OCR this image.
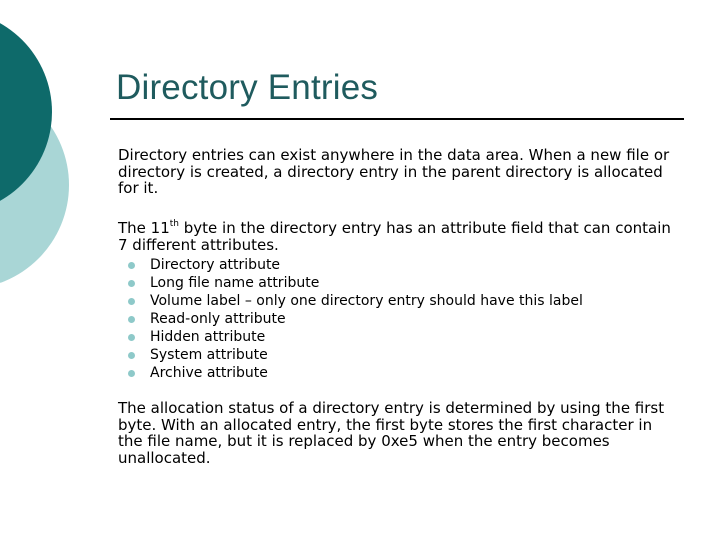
Directory Entries

Directory entries can exist anywhere in the data area. When a new file or directory is created, a directory entry in the parent directory is allocated for it.

The 11th byte in the directory entry has an attribute field that can contain 7 different attributes.

Directory attribute
Long file name attribute
Volume label – only one directory entry should have this label
Read-only attribute
Hidden attribute
System attribute
Archive attribute

The allocation status of a directory entry is determined by using the first byte. With an allocated entry, the first byte stores the first character in the file name, but it is replaced by 0xe5 when the entry becomes unallocated.
